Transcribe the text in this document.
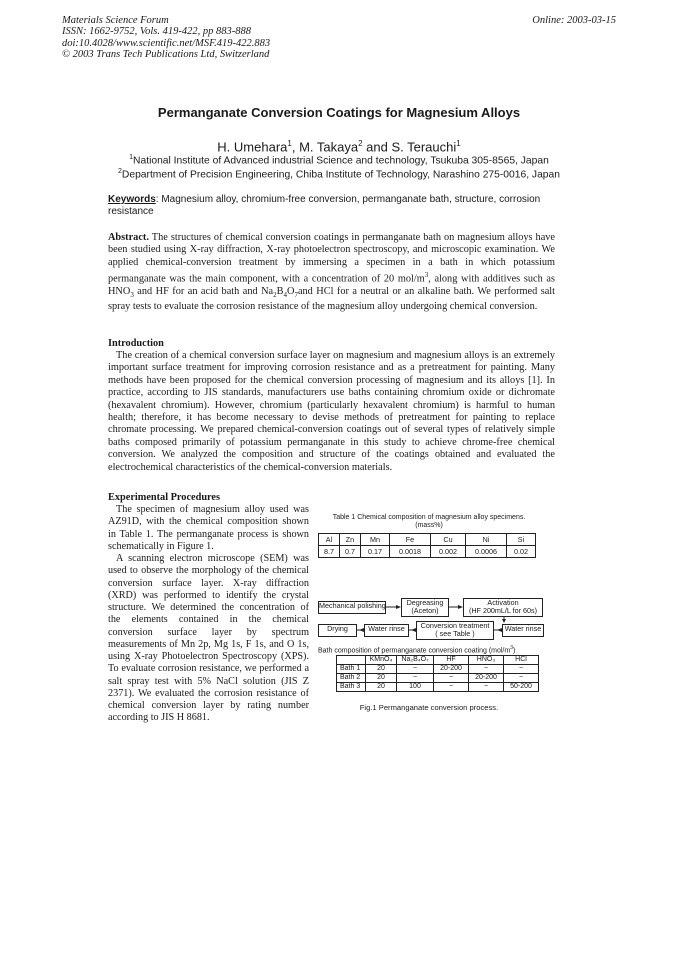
Materials Science Forum
ISSN: 1662-9752, Vols. 419-422, pp 883-888
doi:10.4028/www.scientific.net/MSF.419-422.883
© 2003 Trans Tech Publications Ltd, Switzerland
Online: 2003-03-15
Permanganate Conversion Coatings for Magnesium Alloys
H. Umehara$^1$, M. Takaya$^2$ and S. Terauchi$^1$
$^1$National Institute of Advanced industrial Science and technology, Tsukuba 305-8565, Japan
$^2$Department of Precision Engineering, Chiba Institute of Technology, Narashino 275-0016, Japan
Keywords: Magnesium alloy, chromium-free conversion, permanganate bath, structure, corrosion resistance
Abstract. The structures of chemical conversion coatings in permanganate bath on magnesium alloys have been studied using X-ray diffraction, X-ray photoelectron spectroscopy, and microscopic examination. We applied chemical-conversion treatment by immersing a specimen in a bath in which potassium permanganate was the main component, with a concentration of 20 mol/$m^3$, along with additives such as $HNO_3$ and HF for an acid bath and $Na_2B_4O_7and$ HCl for a neutral or an alkaline bath. We performed salt spray tests to evaluate the corrosion resistance of the magnesium alloy undergoing chemical conversion.
Introduction
The creation of a chemical conversion surface layer on magnesium and magnesium alloys is an extremely important surface treatment for improving corrosion resistance and as a pretreatment for painting. Many methods have been proposed for the chemical conversion processing of magnesium and its alloys [1]. In practice, according to JIS standards, manufacturers use baths containing chromium oxide or dichromate (hexavalent chromium). However, chromium (particularly hexavalent chromium) is harmful to human health; therefore, it has become necessary to devise methods of pretreatment for painting to replace chromate processing. We prepared chemical-conversion coatings out of several types of relatively simple baths composed primarily of potassium permanganate in this study to achieve chrome-free chemical conversion. We analyzed the composition and structure of the coatings obtained and evaluated the electrochemical characteristics of the chemical-conversion materials.
Experimental Procedures

The specimen of magnesium alloy used was AZ91D, with the chemical composition shown in Table 1. The permanganate process is shown schematically in Figure 1.

A scanning electron microscope (SEM) was used to observe the morphology of the chemical conversion surface layer. X-ray diffraction (XRD) was performed to identify the crystal structure. We determined the concentration of the elements contained in the chemical conversion surface layer by spectrum measurements of Mn 2p, Mg 1s, F 1s, and O 1s, using X-ray Photoelectron Spectroscopy (XPS). To evaluate corrosion resistance, we performed a salt spray test with 5% NaCl solution (JIS Z 2371). We evaluated the corrosion resistance of chemical conversion layer by rating number according to JIS H 8681.

Table 1 Chemical composition of magnesium alloy specimens. (mass%)
Al	Zn	Mn	Fe	Cu	Ni	Si
8.7	0.7	0.17	0.0018	0.002	0.0006	0.02
Mechanical polishing	Degreasing
(Aceton)
Activation
(HF 200mL/L for 60s)
Drying	Water rinse	Conversion treatment
( see Table )
Water rinse
Bath composition of permanganate conversion coating $(mol/m^3)$
	KMnO₄	Na₂B₄O₇	HF	HNO₃	HCl
Bath 1	20	−	20-200	−	−
Bath 2	20	−	−	20-200	−
Bath 3	20	100	−	−	50-200
Fig.1 Permanganate conversion process.
